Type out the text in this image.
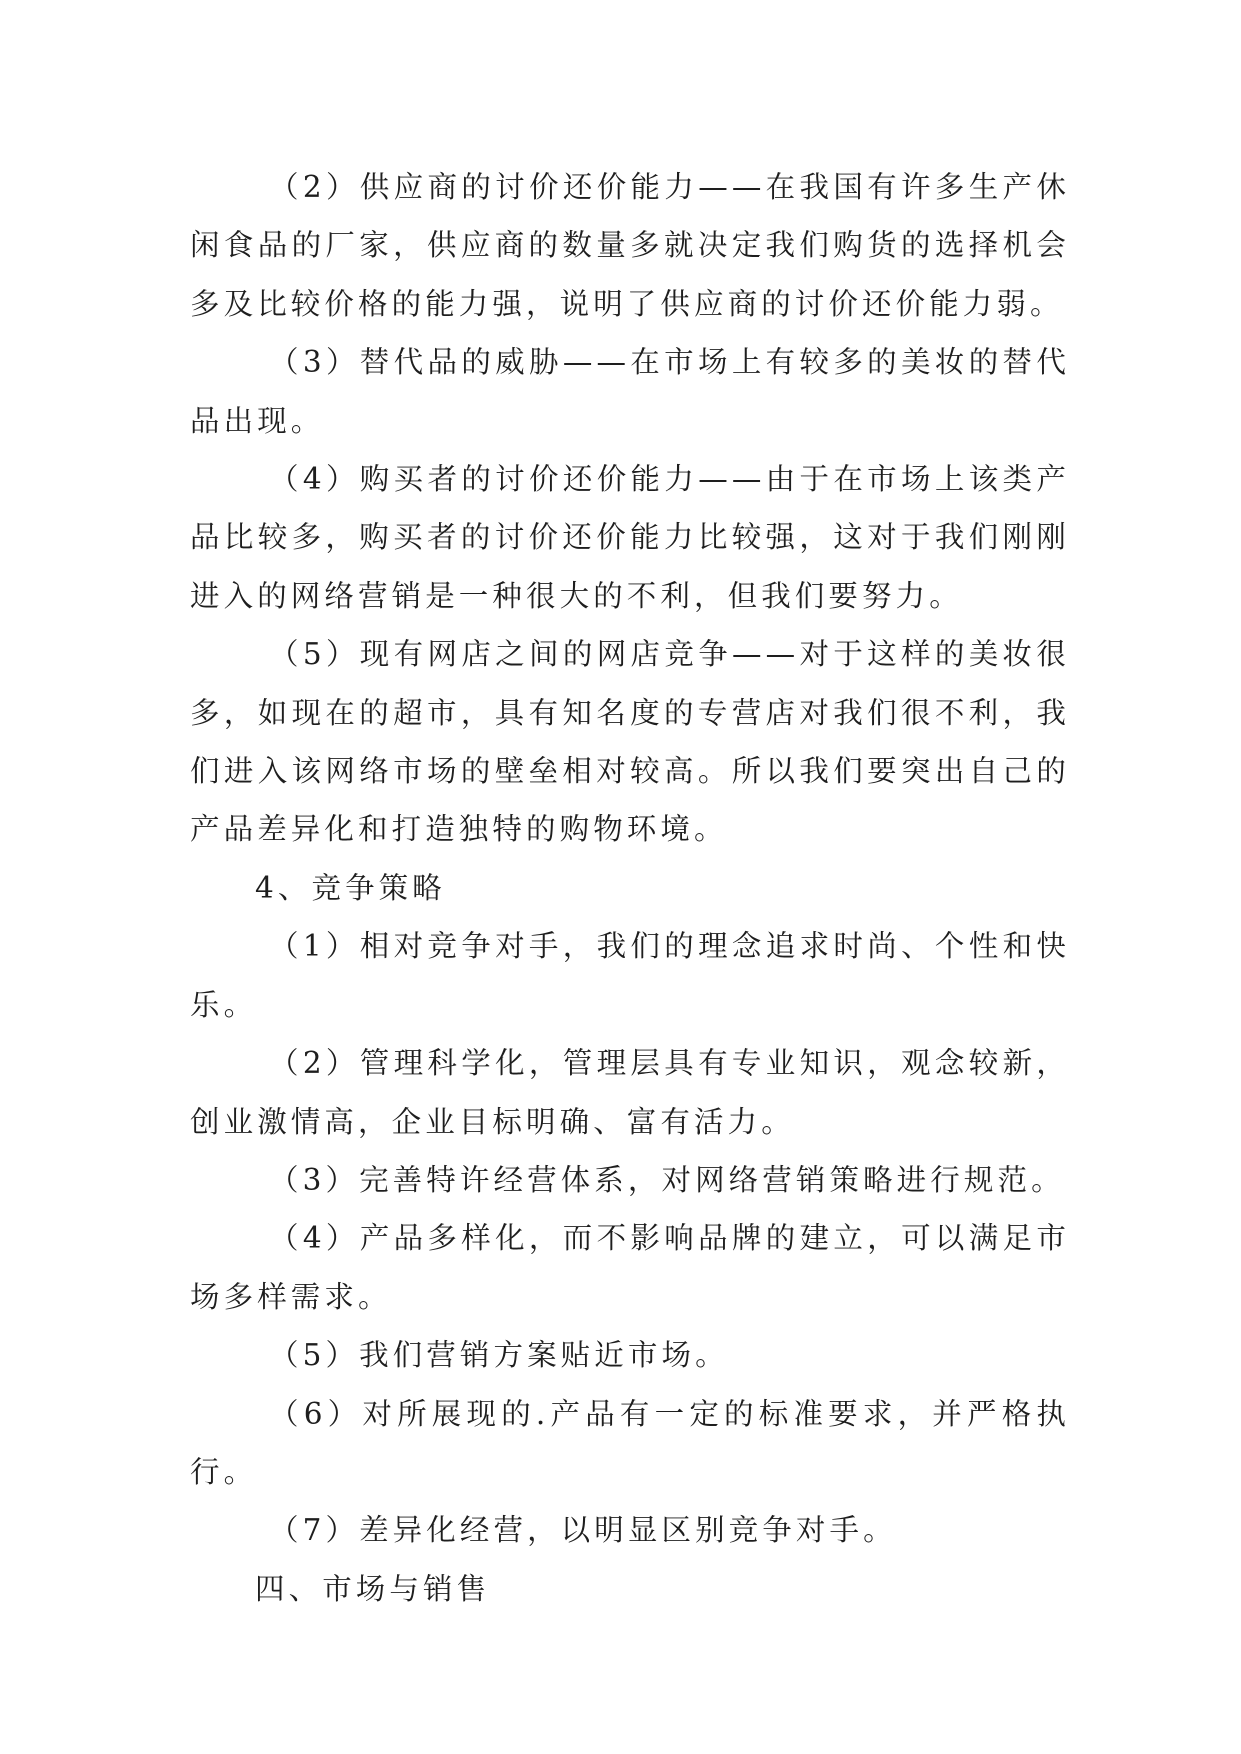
（2）供应商的讨价还价能力——在我国有许多生产休闲食品的厂家，供应商的数量多就决定我们购货的选择机会多及比较价格的能力强，说明了供应商的讨价还价能力弱。

（3）替代品的威胁——在市场上有较多的美妆的替代品出现。

（4）购买者的讨价还价能力——由于在市场上该类产品比较多，购买者的讨价还价能力比较强，这对于我们刚刚进入的网络营销是一种很大的不利，但我们要努力。

（5）现有网店之间的网店竞争——对于这样的美妆很多，如现在的超市，具有知名度的专营店对我们很不利，我们进入该网络市场的壁垒相对较高。所以我们要突出自己的产品差异化和打造独特的购物环境。

4、竞争策略

（1）相对竞争对手，我们的理念追求时尚、个性和快乐。

（2）管理科学化，管理层具有专业知识，观念较新，创业激情高，企业目标明确、富有活力。

（3）完善特许经营体系，对网络营销策略进行规范。

（4）产品多样化，而不影响品牌的建立，可以满足市场多样需求。

（5）我们营销方案贴近市场。

（6）对所展现的.产品有一定的标准要求，并严格执行。

（7）差异化经营，以明显区别竞争对手。

四、市场与销售
